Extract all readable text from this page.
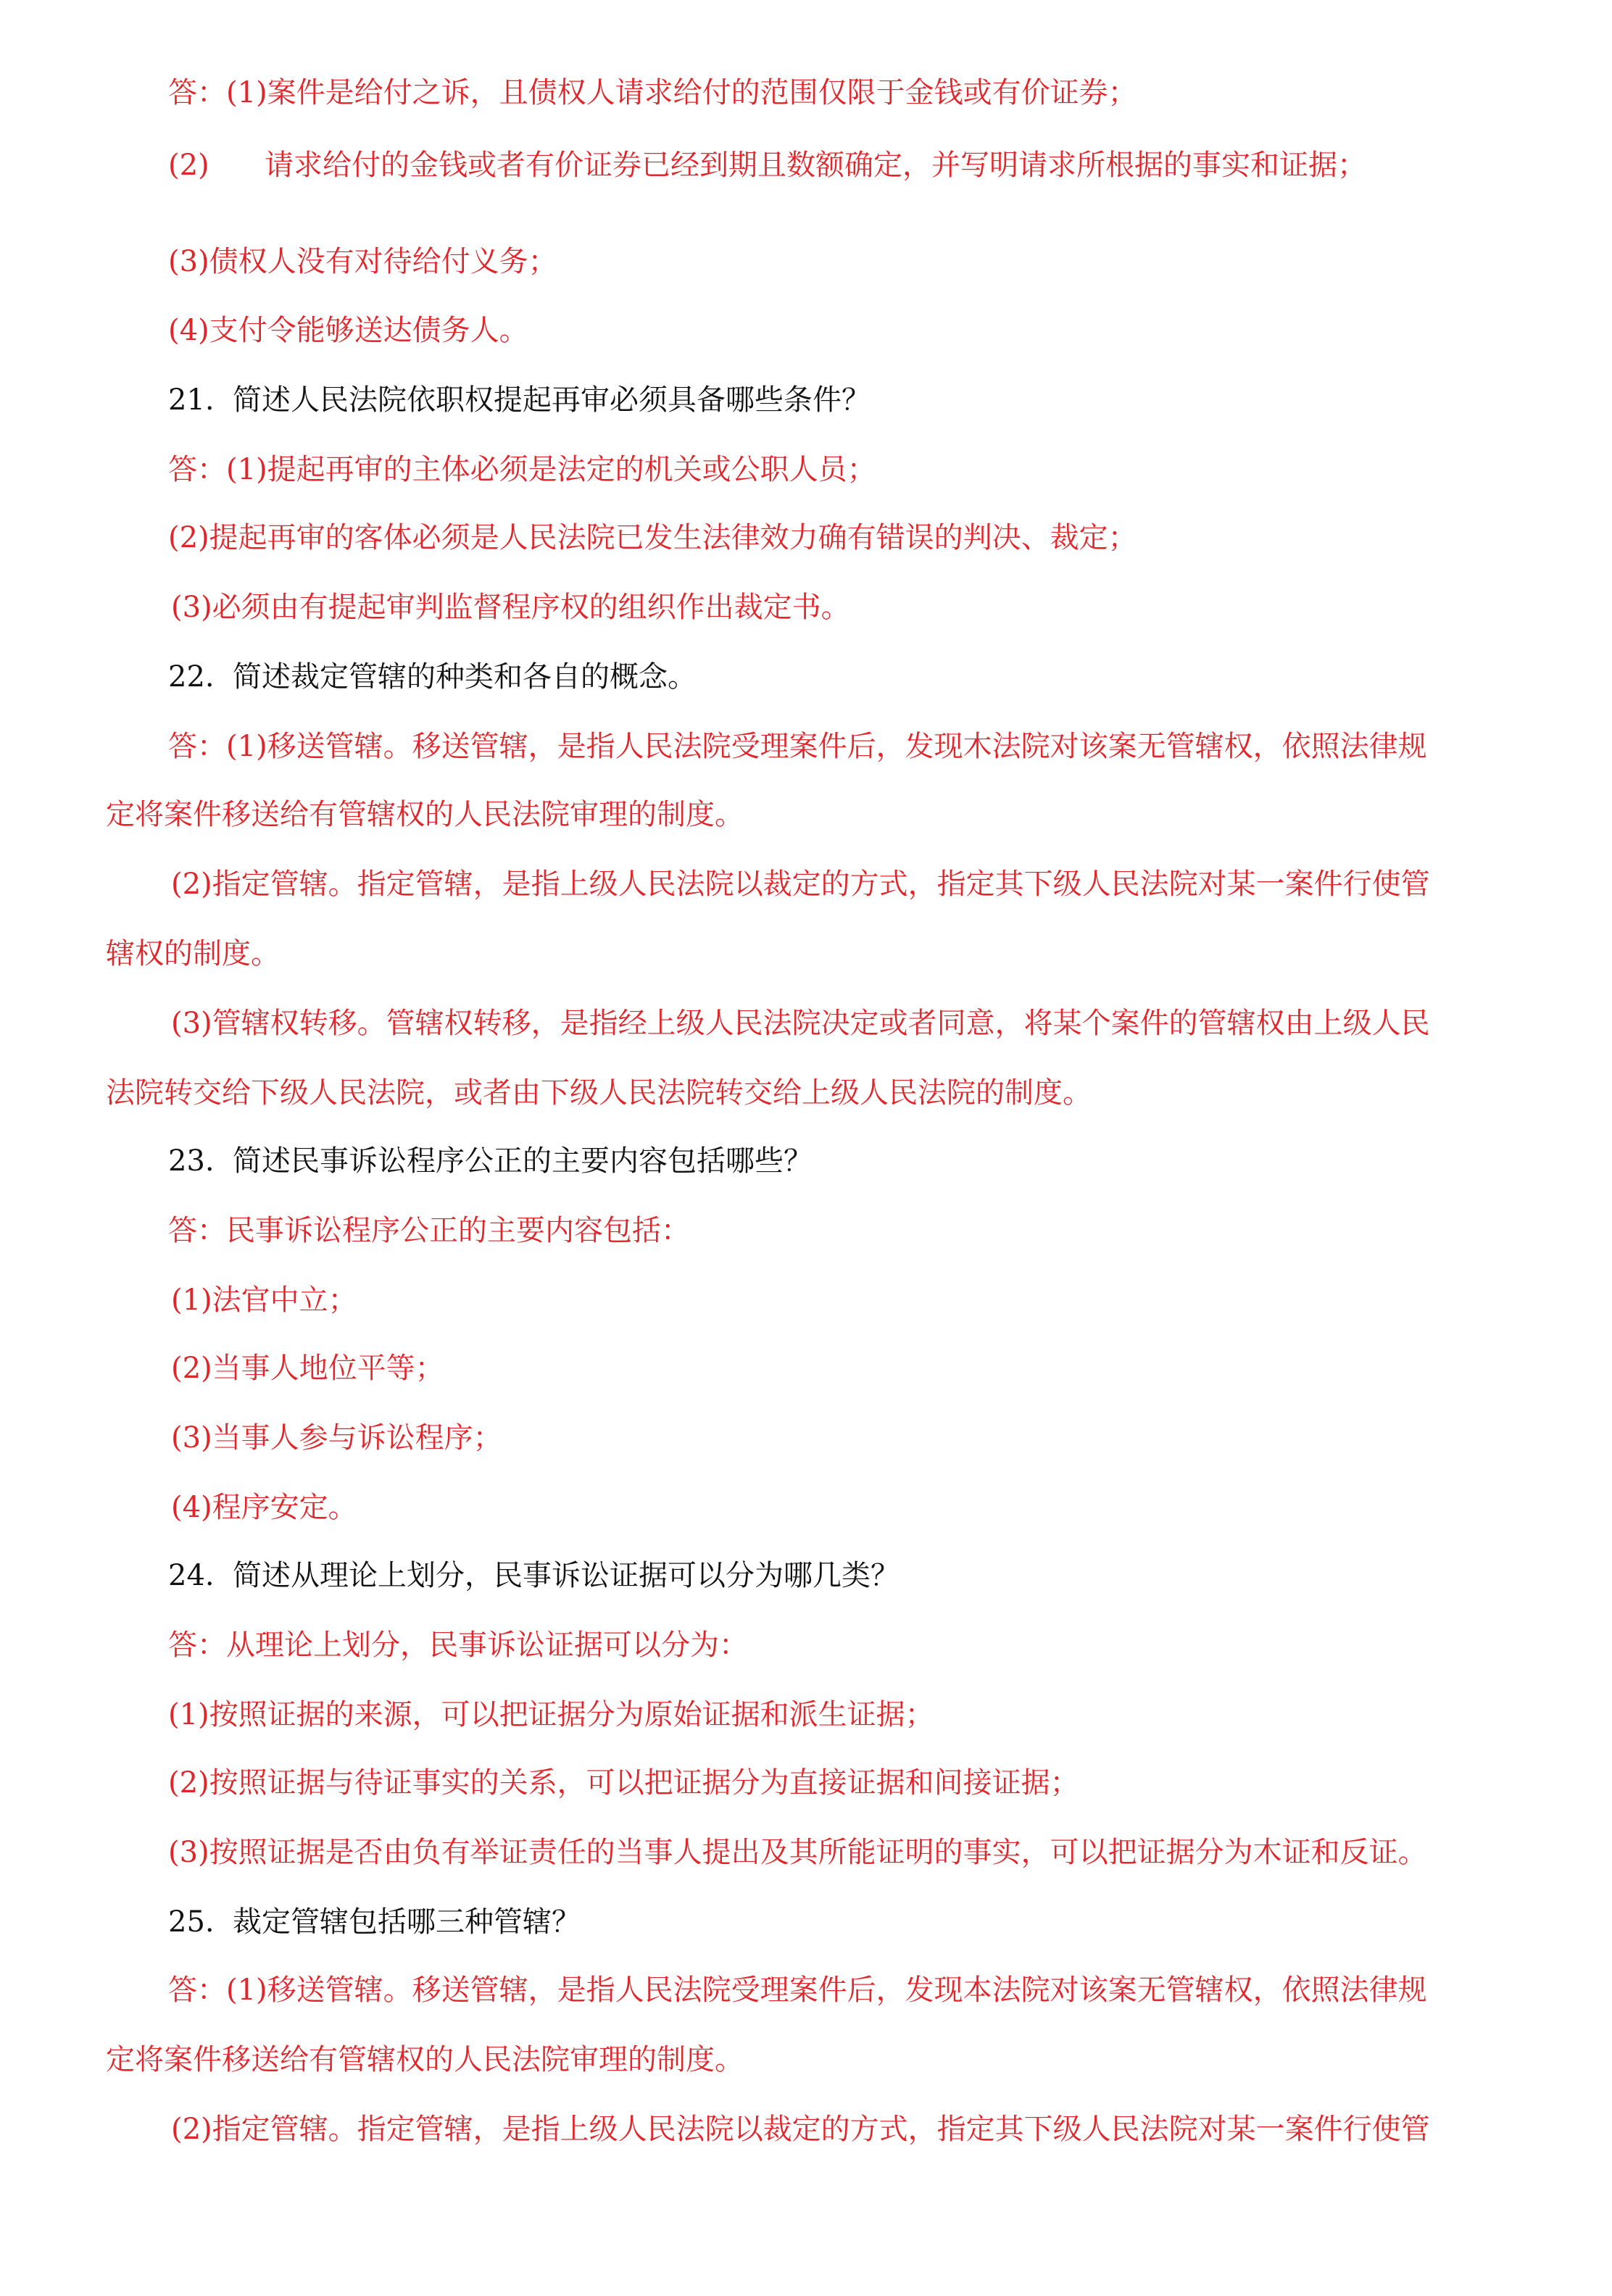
答：(1)案件是给付之诉，且债权人请求给付的范围仅限于金钱或有价证券；
(2)      请求给付的金钱或者有价证券已经到期且数额确定，并写明请求所根据的事实和证据；
(3)债权人没有对待给付义务；
(4)支付令能够送达债务人。
21.  简述人民法院依职权提起再审必须具备哪些条件？
答：(1)提起再审的主体必须是法定的机关或公职人员；
(2)提起再审的客体必须是人民法院已发生法律效力确有错误的判决、裁定；
(3)必须由有提起审判监督程序权的组织作出裁定书。
22.  简述裁定管辖的种类和各自的概念。
答：(1)移送管辖。移送管辖，是指人民法院受理案件后，发现木法院对该案无管辖权，依照法律规
定将案件移送给有管辖权的人民法院审理的制度。
(2)指定管辖。指定管辖，是指上级人民法院以裁定的方式，指定其下级人民法院对某一案件行使管
辖权的制度。
(3)管辖权转移。管辖权转移，是指经上级人民法院决定或者同意，将某个案件的管辖权由上级人民
法院转交给下级人民法院，或者由下级人民法院转交给上级人民法院的制度。
23.  简述民事诉讼程序公正的主要内容包括哪些？
答：民事诉讼程序公正的主要内容包括：
(1)法官中立；
(2)当事人地位平等；
(3)当事人参与诉讼程序；
(4)程序安定。
24.  简述从理论上划分，民事诉讼证据可以分为哪几类？
答：从理论上划分，民事诉讼证据可以分为：
(1)按照证据的来源，可以把证据分为原始证据和派生证据；
(2)按照证据与待证事实的关系，可以把证据分为直接证据和间接证据；
(3)按照证据是否由负有举证责任的当事人提出及其所能证明的事实，可以把证据分为木证和反证。
25.  裁定管辖包括哪三种管辖？
答：(1)移送管辖。移送管辖，是指人民法院受理案件后，发现本法院对该案无管辖权，依照法律规
定将案件移送给有管辖权的人民法院审理的制度。
(2)指定管辖。指定管辖，是指上级人民法院以裁定的方式，指定其下级人民法院对某一案件行使管
